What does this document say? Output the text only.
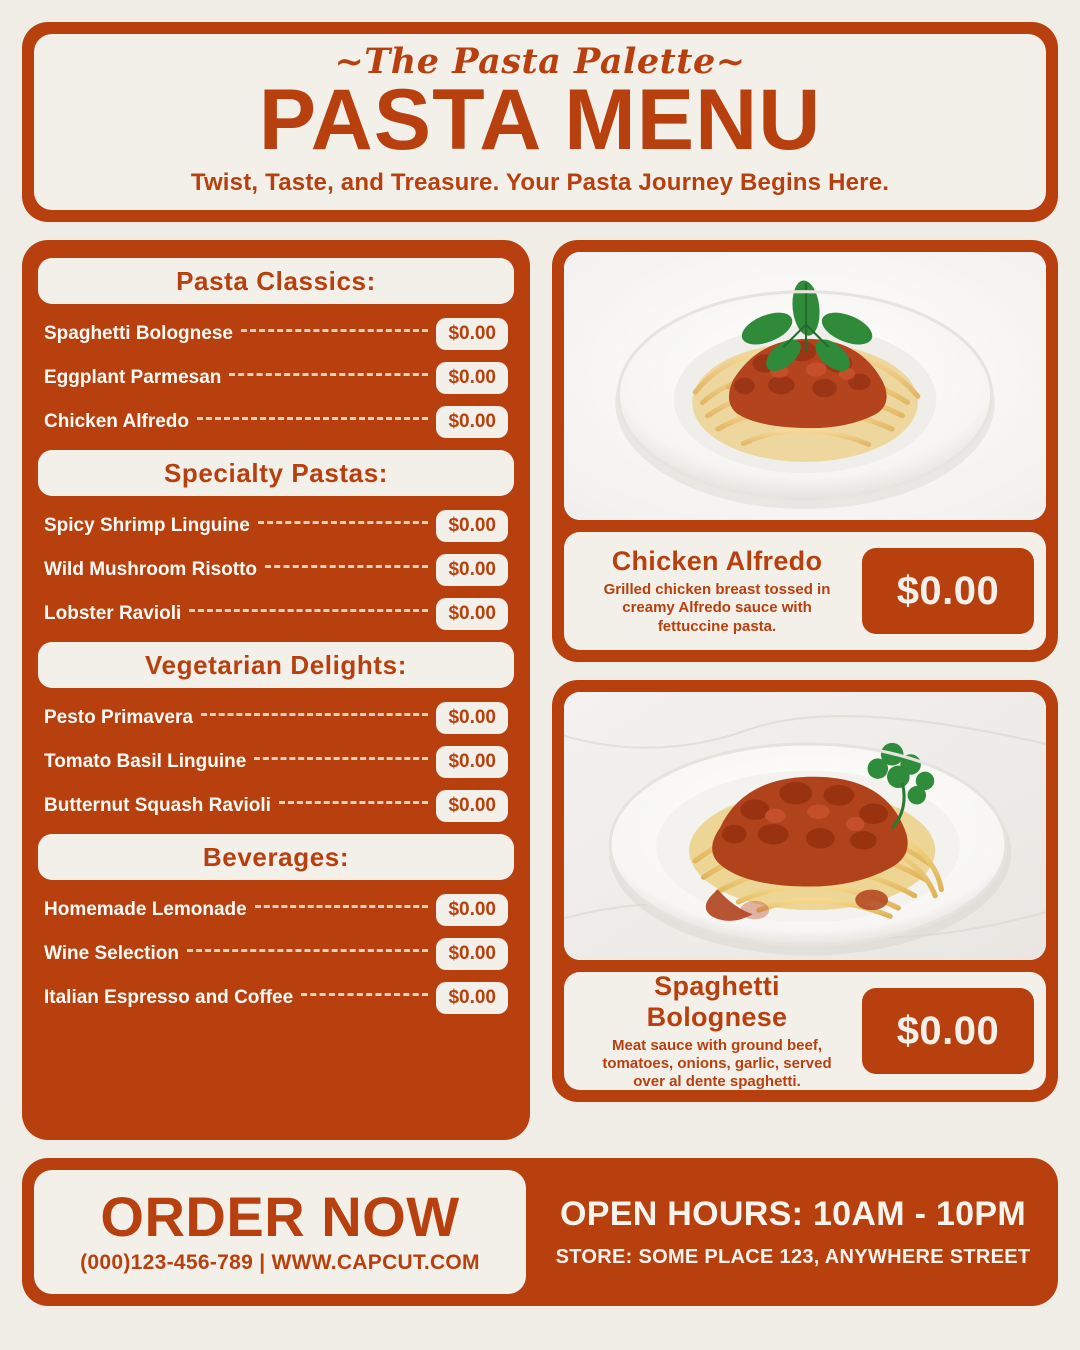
~The Pasta Palette~
PASTA MENU
Twist, Taste, and Treasure. Your Pasta Journey Begins Here.
Pasta Classics:
Spaghetti Bolognese	$0.00
Eggplant Parmesan	$0.00
Chicken Alfredo	$0.00
Specialty Pastas:
Spicy Shrimp Linguine	$0.00
Wild Mushroom Risotto	$0.00
Lobster Ravioli	$0.00
Vegetarian Delights:
Pesto Primavera	$0.00
Tomato Basil Linguine	$0.00
Butternut Squash Ravioli	$0.00
Beverages:
Homemade Lemonade	$0.00
Wine Selection	$0.00
Italian Espresso and Coffee	$0.00
Chicken Alfredo
Grilled chicken breast tossed in creamy Alfredo sauce with fettuccine pasta.
$0.00
Spaghetti Bolognese
Meat sauce with ground beef, tomatoes, onions, garlic, served over al dente spaghetti.
$0.00
ORDER NOW
(000)123-456-789 | WWW.CAPCUT.COM
OPEN HOURS: 10AM - 10PM
STORE: SOME PLACE 123, ANYWHERE STREET
